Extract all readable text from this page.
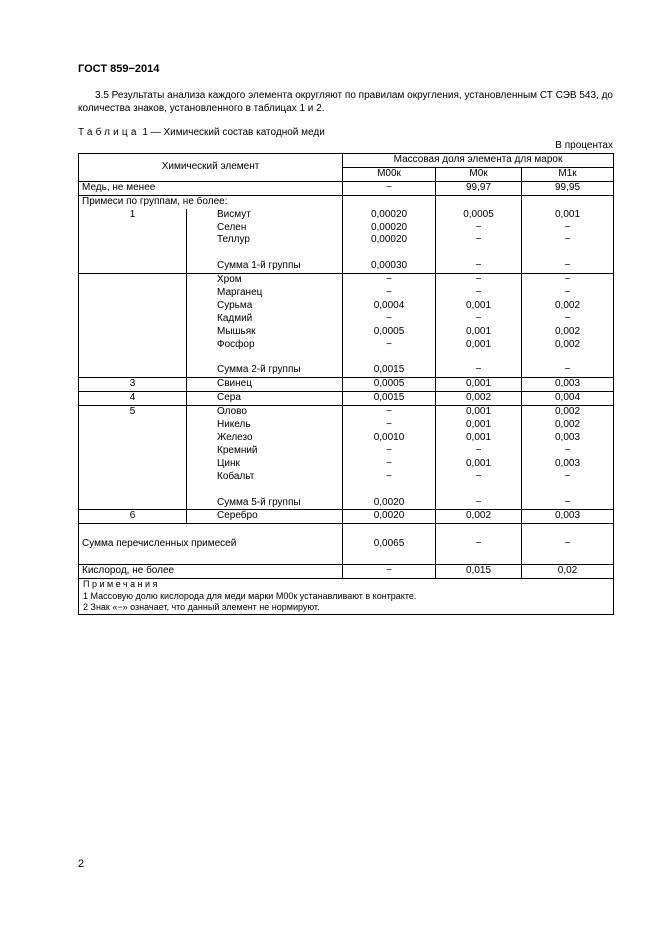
ГОСТ 859−2014
3.5 Результаты анализа каждого элемента округляют по правилам округления, установленным СТ СЭВ 543, до количества знаков, установленного в таблицах 1 и 2.
Таблица 1 — Химический состав катодной меди
В процентах
Химический элемент		Массовая доля элемента для марок		
		М00к	М0к	М1к
Медь, не менее		−	99,97	99,95
Примеси по группам, не более:				
1	Висмут	0,00020	0,0005	0,001
	Селен	0,00020	−	−
	Теллур	0,00020	−	−

	Сумма 1-й группы	0,00030	−	−
	Хром	−	−	−
	Марганец	−	−	−
	Сурьма	0,0004	0,001	0,002
	Кадмий	−	−	−
	Мышьяк	0,0005	0,001	0,002
	Фосфор	−	0,001	0,002

	Сумма 2-й группы	0,0015	−	−
3	Свинец	0,0005	0,001	0,003
4	Сера	0,0015	0,002	0,004
5	Олово	−	0,001	0,002
	Никель	−	0,001	0,002
	Железо	0,0010	0,001	0,003
	Кремний	−	−	−
	Цинк	−	0,001	0,003
	Кобальт	−	−	−

	Сумма 5-й группы	0,0020	−	−
6	Серебро	0,0020	0,002	0,003
Сумма перечисленных примесей		0,0065	−	−
Кислород, не более		−	0,015	0,02

Примечания
1 Массовую долю кислорода для меди марки М00к устанавливают в контракте.
2 Знак «−» означает, что данный элемент не нормируют.				
2
